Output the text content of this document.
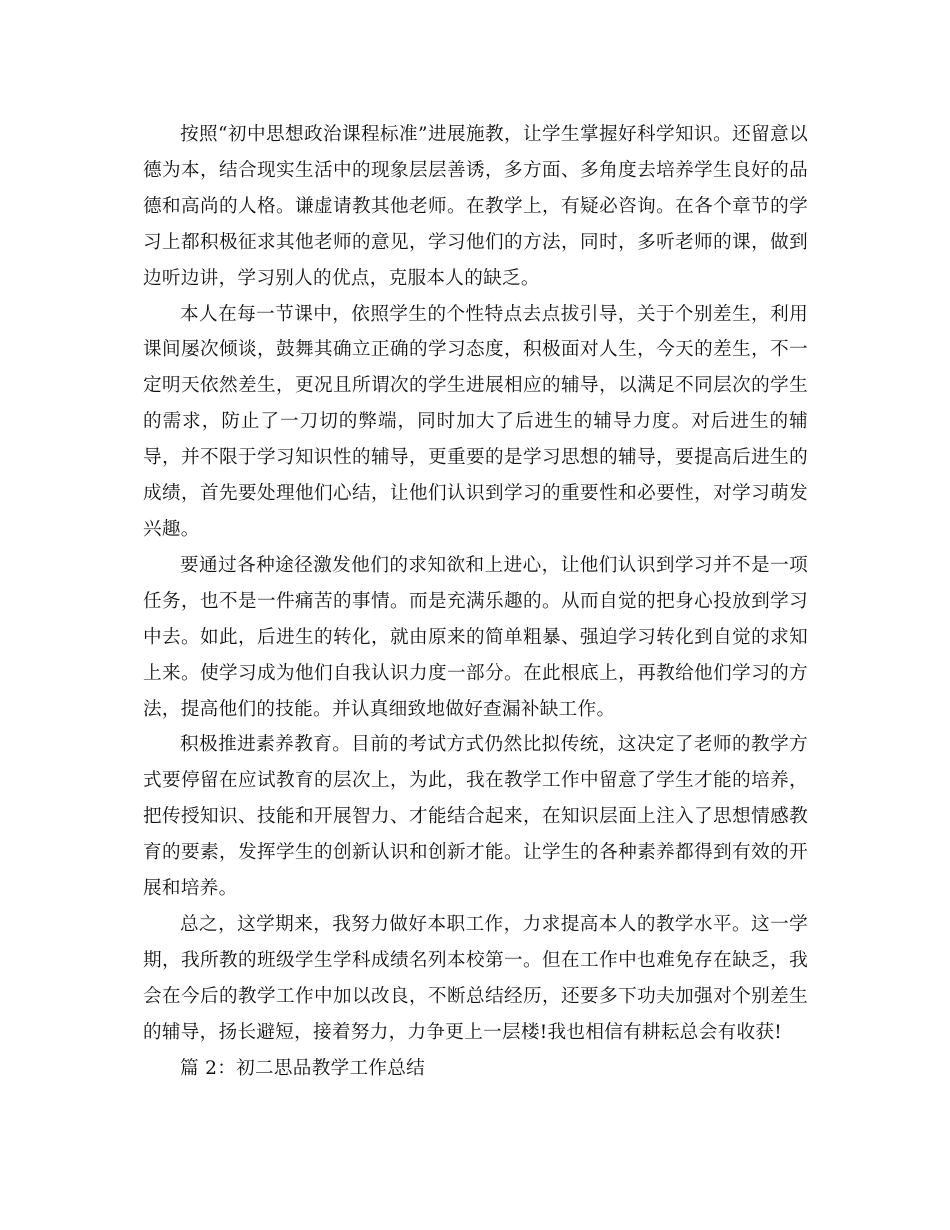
按照“初中思想政治课程标准”进展施教，让学生掌握好科学知识。还留意以德为本，结合现实生活中的现象层层善诱，多方面、多角度去培养学生良好的品德和高尚的人格。谦虚请教其他老师。在教学上，有疑必咨询。在各个章节的学习上都积极征求其他老师的意见，学习他们的方法，同时，多听老师的课，做到边听边讲，学习别人的优点，克服本人的缺乏。

本人在每一节课中，依照学生的个性特点去点拔引导，关于个别差生，利用课间屡次倾谈，鼓舞其确立正确的学习态度，积极面对人生，今天的差生，不一定明天依然差生，更况且所谓次的学生进展相应的辅导，以满足不同层次的学生的需求，防止了一刀切的弊端，同时加大了后进生的辅导力度。对后进生的辅导，并不限于学习知识性的辅导，更重要的是学习思想的辅导，要提高后进生的成绩，首先要处理他们心结，让他们认识到学习的重要性和必要性，对学习萌发兴趣。

要通过各种途径激发他们的求知欲和上进心，让他们认识到学习并不是一项任务，也不是一件痛苦的事情。而是充满乐趣的。从而自觉的把身心投放到学习中去。如此，后进生的转化，就由原来的简单粗暴、强迫学习转化到自觉的求知上来。使学习成为他们自我认识力度一部分。在此根底上，再教给他们学习的方法，提高他们的技能。并认真细致地做好查漏补缺工作。

积极推进素养教育。目前的考试方式仍然比拟传统，这决定了老师的教学方式要停留在应试教育的层次上，为此，我在教学工作中留意了学生才能的培养，把传授知识、技能和开展智力、才能结合起来，在知识层面上注入了思想情感教育的要素，发挥学生的创新认识和创新才能。让学生的各种素养都得到有效的开展和培养。

总之，这学期来，我努力做好本职工作，力求提高本人的教学水平。这一学期，我所教的班级学生学科成绩名列本校第一。但在工作中也难免存在缺乏，我会在今后的教学工作中加以改良，不断总结经历，还要多下功夫加强对个别差生的辅导，扬长避短，接着努力，力争更上一层楼!我也相信有耕耘总会有收获!

篇 2：初二思品教学工作总结
